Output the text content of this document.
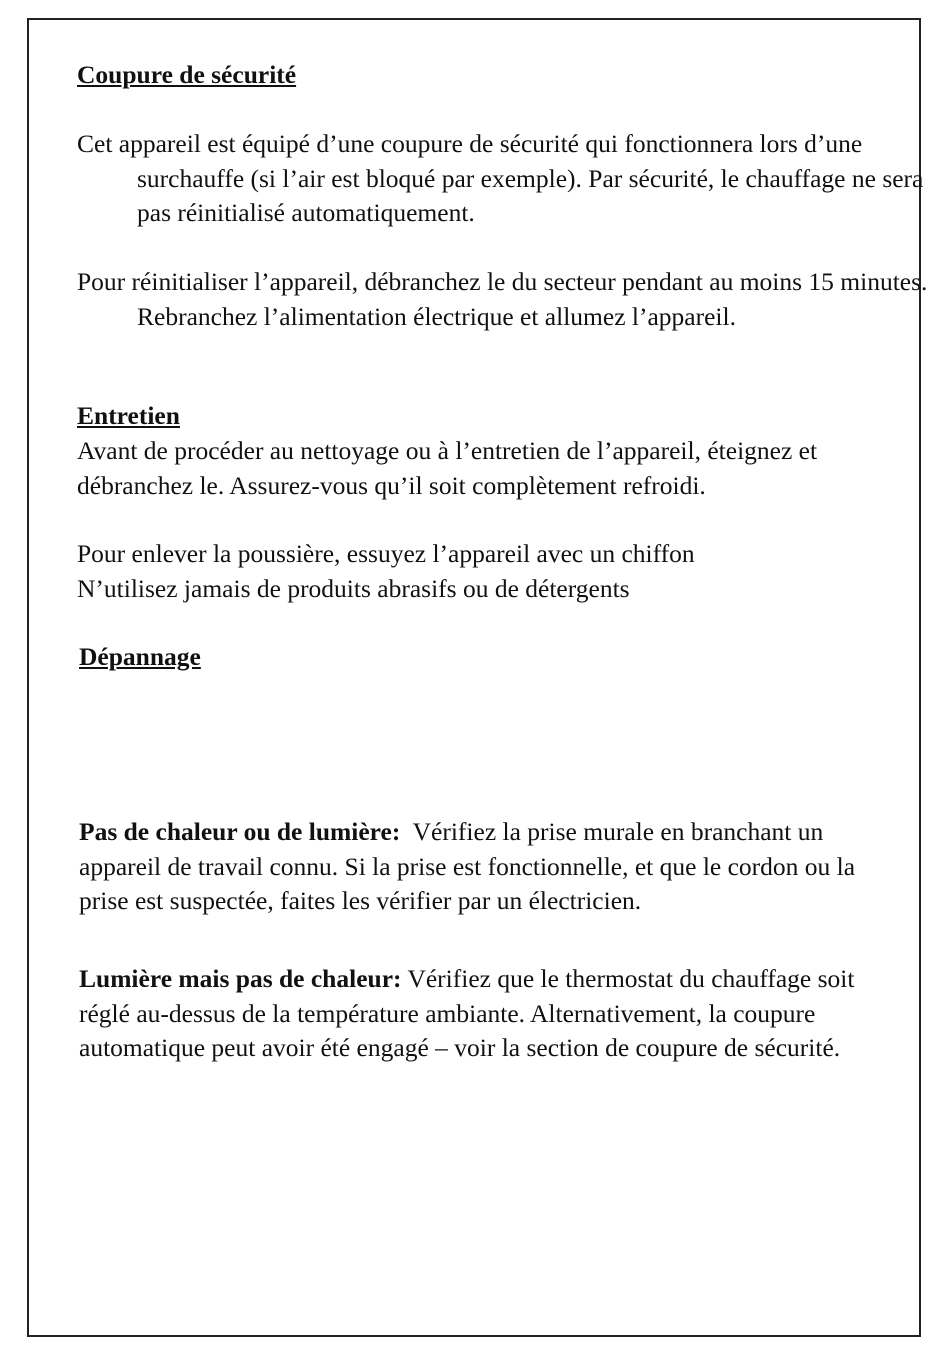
Coupure de sécurité

Cet appareil est équipé d’une coupure de sécurité qui fonctionnera lors d’une surchauffe (si l’air est bloqué par exemple). Par sécurité, le chauffage ne sera pas réinitialisé automatiquement.

Pour réinitialiser l’appareil, débranchez le du secteur pendant au moins 15 minutes. Rebranchez l’alimentation électrique et allumez l’appareil.

Entretien

Avant de procéder au nettoyage ou à l’entretien de l’appareil, éteignez et débranchez le. Assurez-vous qu’il soit complètement refroidi.

Pour enlever la poussière, essuyez l’appareil avec un chiffon

N’utilisez jamais de produits abrasifs ou de détergents

Dépannage

Pas de chaleur ou de lumière: Vérifiez la prise murale en branchant un appareil de travail connu. Si la prise est fonctionnelle, et que le cordon ou la prise est suspectée, faites les vérifier par un électricien.

Lumière mais pas de chaleur: Vérifiez que le thermostat du chauffage soit réglé au-dessus de la température ambiante. Alternativement, la coupure automatique peut avoir été engagé – voir la section de coupure de sécurité.
